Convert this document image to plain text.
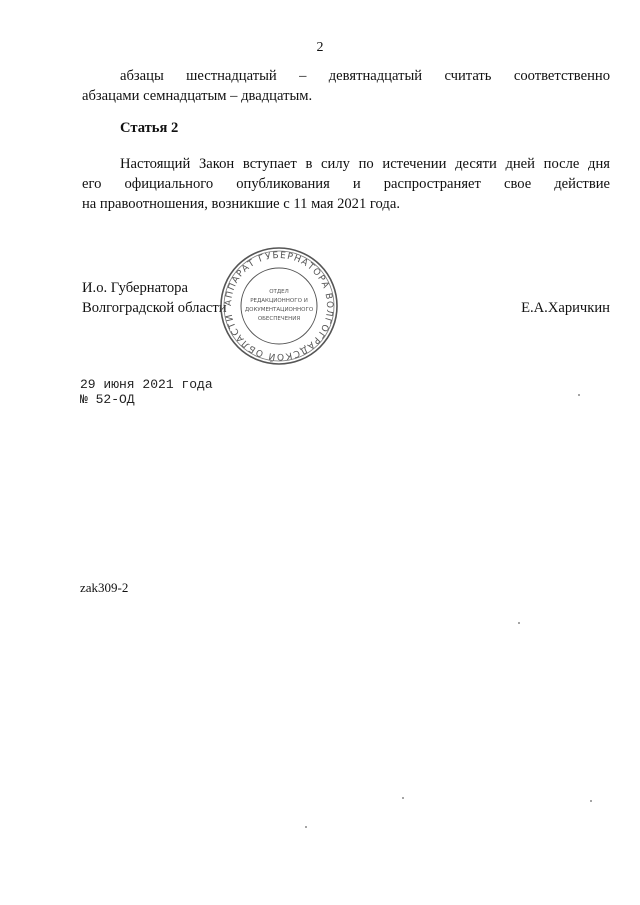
2
абзацы шестнадцатый – девятнадцатый считать соответственно
абзацами семнадцатым – двадцатым.
Статья 2
Настоящий Закон вступает в силу по истечении десяти дней после дня
его официального опубликования и распространяет свое действие
на правоотношения, возникшие с 11 мая 2021 года.
И.о. Губернатора
Волгоградской области	Е.А.Харичкин
АППАРАТ ГУБЕРНАТОРА ВОЛГОГРАДСКОЙ ОБЛАСТИ
ОТДЕЛ
РЕДАКЦИОННОГО И
ДОКУМЕНТАЦИОННОГО
ОБЕСПЕЧЕНИЯ
29 июня 2021 года
№ 52-ОД
zak309-2
